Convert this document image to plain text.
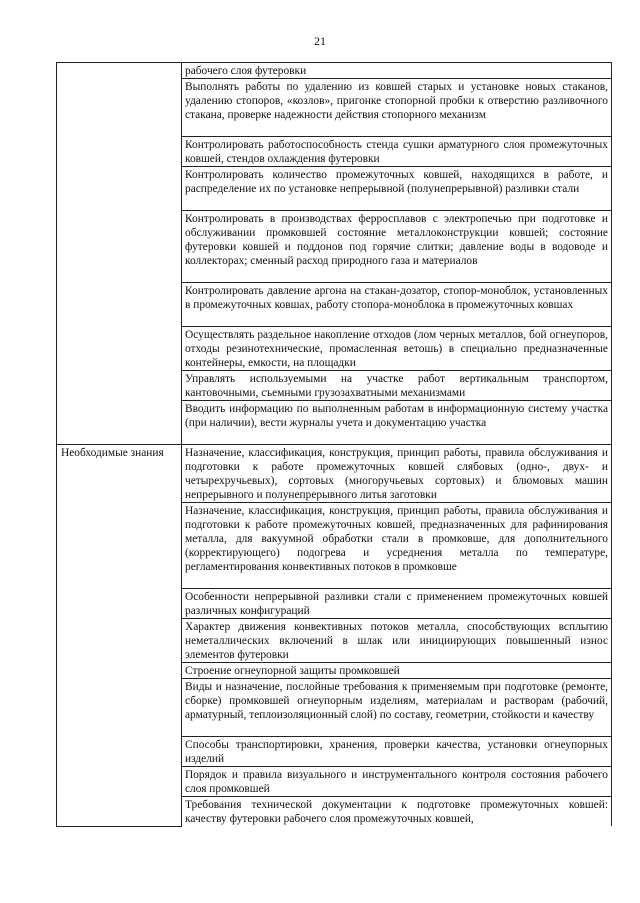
21
	рабочего слоя футеровки
	Выполнять работы по удалению из ковшей старых и установке новых стаканов, удалению стопоров, «козлов», пригонке стопорной пробки к отверстию разливочного стакана, проверке надежности действия стопорного механизм
	Контролировать работоспособность стенда сушки арматурного слоя промежуточных ковшей, стендов охлаждения футеровки
	Контролировать количество промежуточных ковшей, находящихся в работе, и распределение их по установке непрерывной (полунепрерывной) разливки стали
	Контролировать в производствах ферросплавов с электропечью при подготовке и обслуживании промковшей состояние металлоконструкции ковшей; состояние футеровки ковшей и поддонов под горячие слитки; давление воды в водоводе и коллекторах; сменный расход природного газа и материалов
	Контролировать давление аргона на стакан-дозатор, стопор-моноблок, установленных в промежуточных ковшах, работу стопора-моноблока в промежуточных ковшах
	Осуществлять раздельное накопление отходов (лом черных металлов, бой огнеупоров, отходы резинотехнические, промасленная ветошь) в специально предназначенные контейнеры, емкости, на площадки
	Управлять используемыми на участке работ вертикальным транспортом, кантовочными, съемными грузозахватными механизмами
	Вводить информацию по выполненным работам в информационную систему участка (при наличии), вести журналы учета и документацию участка
Необходимые знания	Назначение, классификация, конструкция, принцип работы, правила обслуживания и подготовки к работе промежуточных ковшей слябовых (одно-, двух- и четырехручьевых), сортовых (многоручьевых сортовых) и блюмовых машин непрерывного и полунепрерывного литья заготовки
	Назначение, классификация, конструкция, принцип работы, правила обслуживания и подготовки к работе промежуточных ковшей, предназначенных для рафинирования металла, для вакуумной обработки стали в промковше, для дополнительного (корректирующего) подогрева и усреднения металла по температуре, регламентирования конвективных потоков в промковше
	Особенности непрерывной разливки стали с применением промежуточных ковшей различных конфигураций
	Характер движения конвективных потоков металла, способствующих всплытию неметаллических включений в шлак или инициирующих повышенный износ элементов футеровки
	Строение огнеупорной защиты промковшей
	Виды и назначение, послойные требования к применяемым при подготовке (ремонте, сборке) промковшей огнеупорным изделиям, материалам и растворам (рабочий, арматурный, теплоизоляционный слой) по составу, геометрии, стойкости и качеству
	Способы транспортировки, хранения, проверки качества, установки огнеупорных изделий
	Порядок и правила визуального и инструментального контроля состояния рабочего слоя промковшей
	Требования технической документации к подготовке промежуточных ковшей: качеству футеровки рабочего слоя промежуточных ковшей,
